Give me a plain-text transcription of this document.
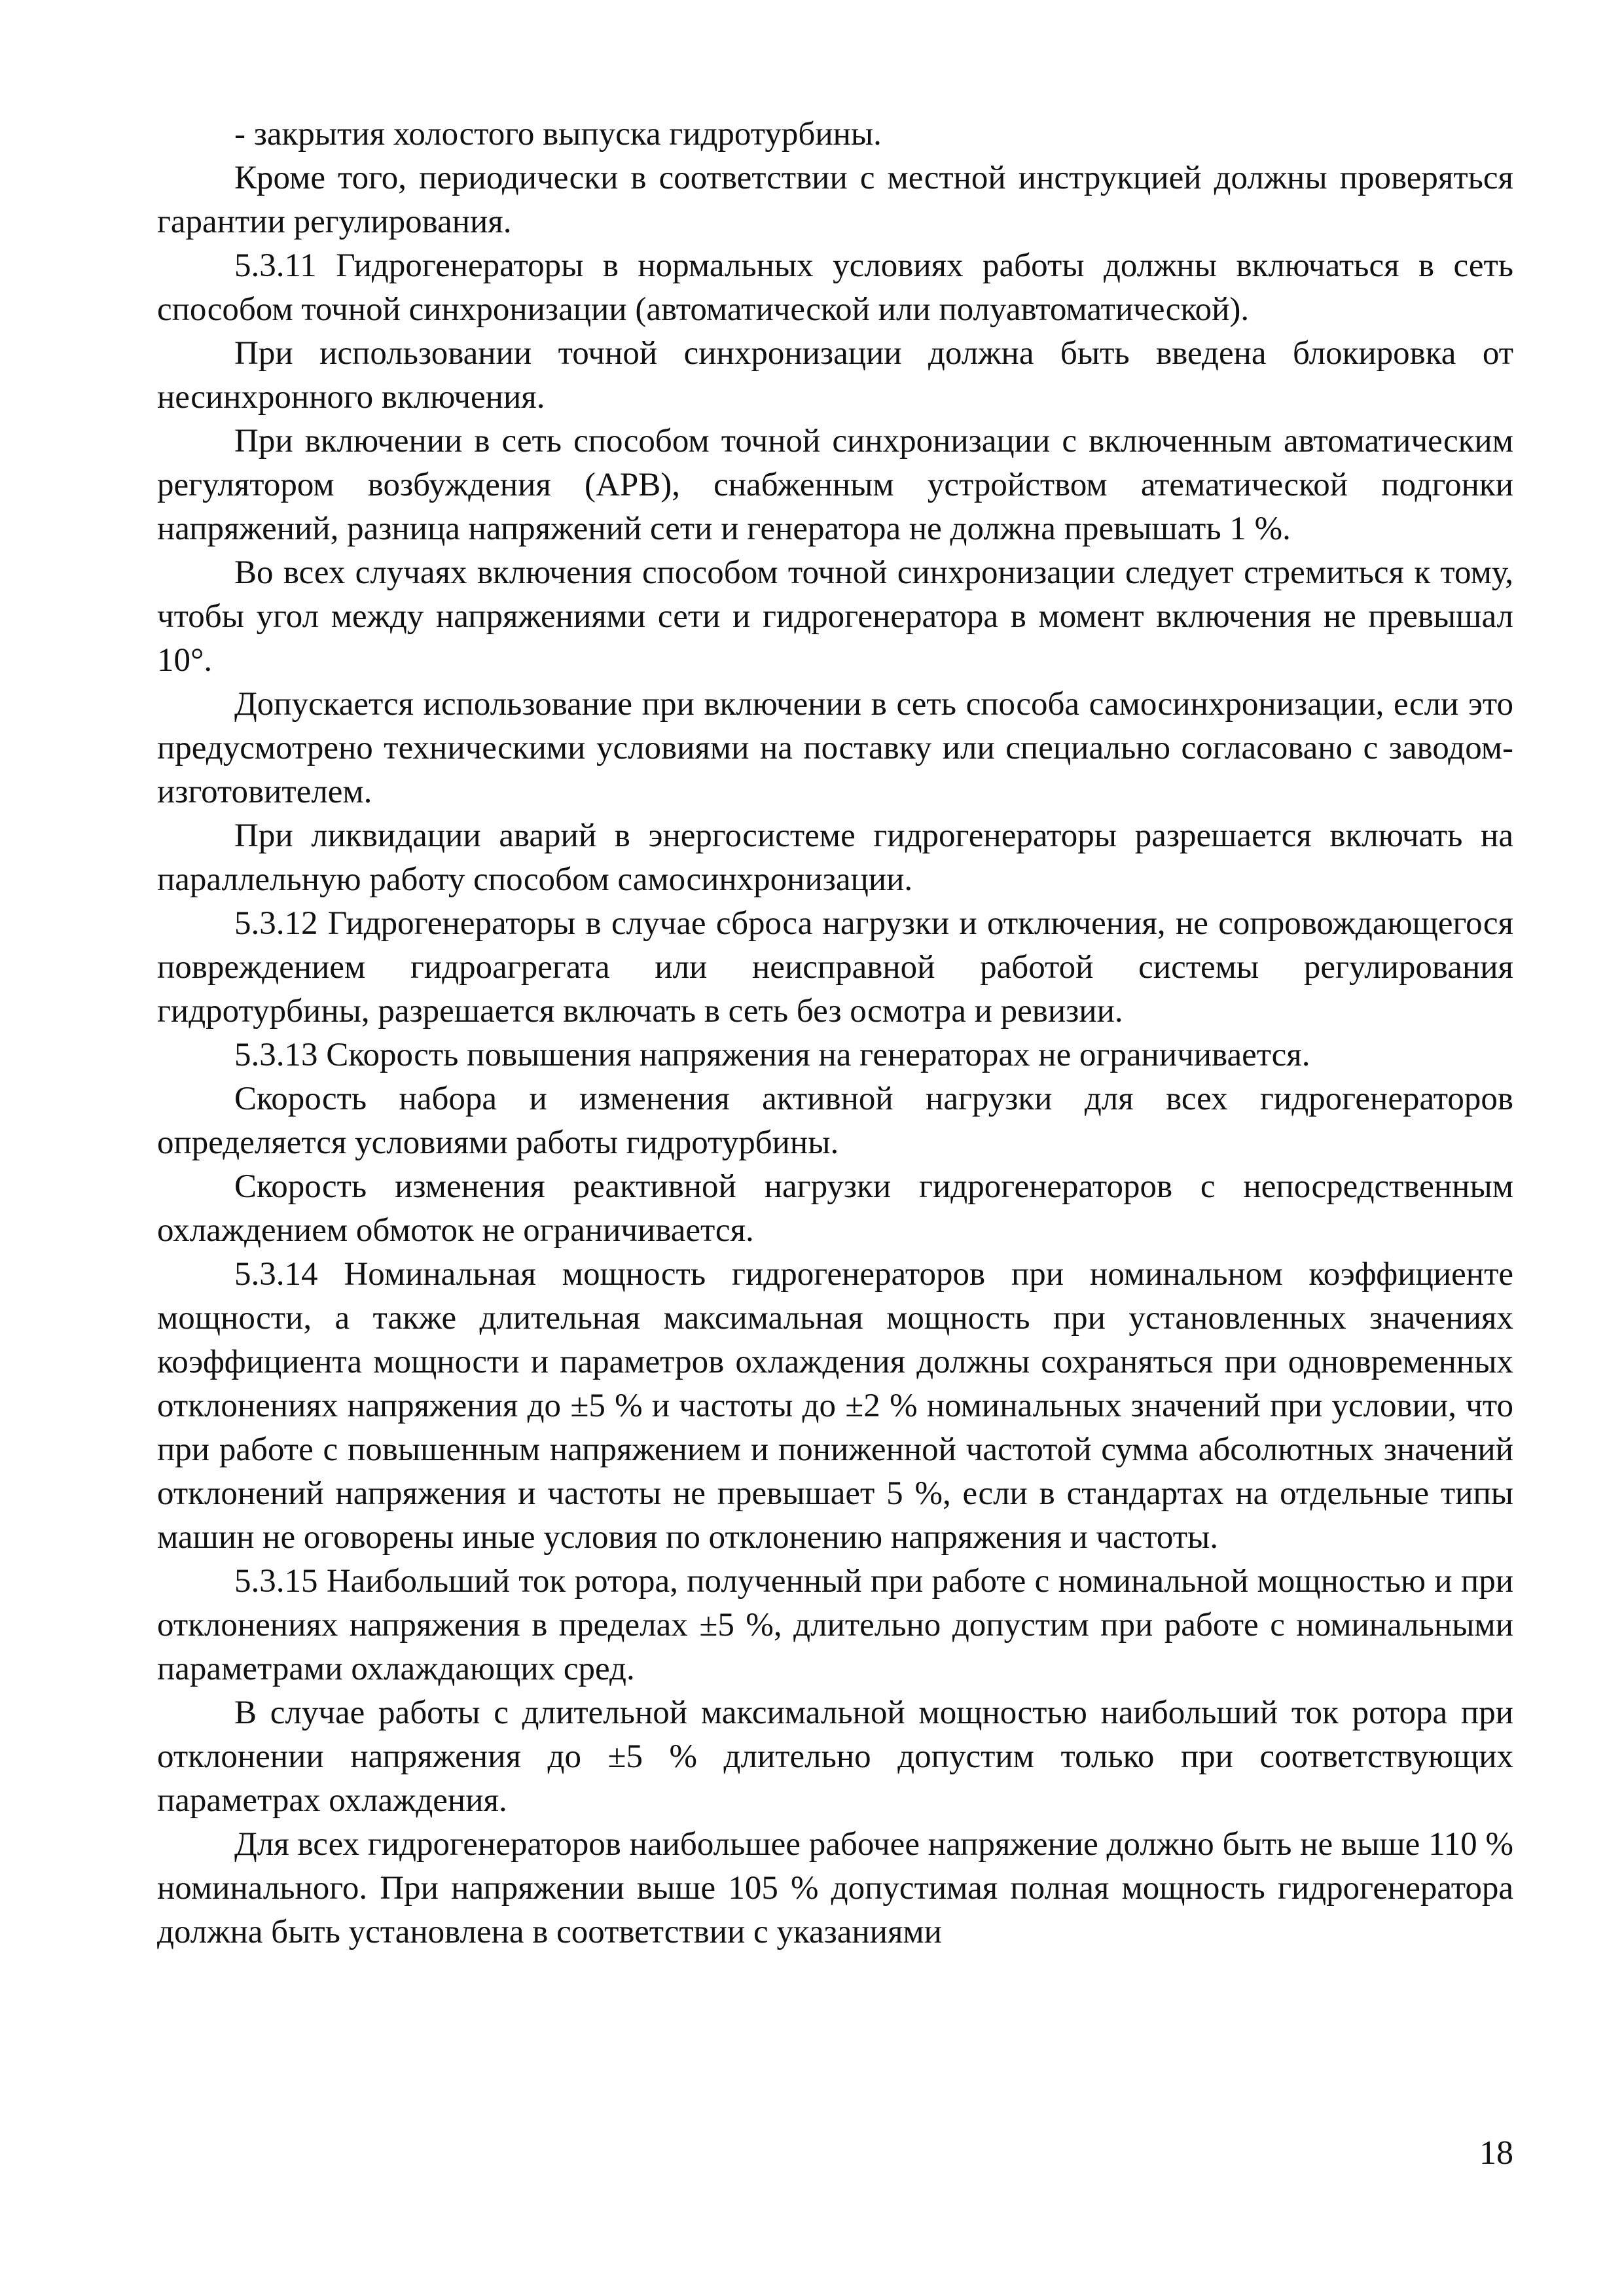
- закрытия холостого выпуска гидротурбины.

Кроме того, периодически в соответствии с местной инструкцией должны проверяться гарантии регулирования.

5.3.11 Гидрогенераторы в нормальных условиях работы должны включаться в сеть способом точной синхронизации (автоматической или полуавтоматической).

При использовании точной синхронизации должна быть введена блокировка от несинхронного включения.

При включении в сеть способом точной синхронизации с включенным автоматическим регулятором возбуждения (АРВ), снабженным устройством атематической подгонки напряжений, разница напряжений сети и генератора не должна превышать 1 %.

Во всех случаях включения способом точной синхронизации следует стремиться к тому, чтобы угол между напряжениями сети и гидрогенератора в момент включения не превышал 10°.

Допускается использование при включении в сеть способа самосинхронизации, если это предусмотрено техническими условиями на поставку или специально согласовано с заводом-изготовителем.

При ликвидации аварий в энергосистеме гидрогенераторы разрешается включать на параллельную работу способом самосинхронизации.

5.3.12 Гидрогенераторы в случае сброса нагрузки и отключения, не сопровождающегося повреждением гидроагрегата или неисправной работой системы регулирования гидротурбины, разрешается включать в сеть без осмотра и ревизии.

5.3.13 Скорость повышения напряжения на генераторах не ограничивается.

Скорость набора и изменения активной нагрузки для всех гидрогенераторов определяется условиями работы гидротурбины.

Скорость изменения реактивной нагрузки гидрогенераторов с непосредственным охлаждением обмоток не ограничивается.

5.3.14 Номинальная мощность гидрогенераторов при номинальном коэффициенте мощности, а также длительная максимальная мощность при установленных значениях коэффициента мощности и параметров охлаждения должны сохраняться при одновременных отклонениях напряжения до ±5 % и частоты до ±2 % номинальных значений при условии, что при работе с повышенным напряжением и пониженной частотой сумма абсолютных значений отклонений напряжения и частоты не превышает 5 %, если в стандартах на отдельные типы машин не оговорены иные условия по отклонению напряжения и частоты.

5.3.15 Наибольший ток ротора, полученный при работе с номинальной мощностью и при отклонениях напряжения в пределах ±5 %, длительно допустим при работе с номинальными параметрами охлаждающих сред.

В случае работы с длительной максимальной мощностью наибольший ток ротора при отклонении напряжения до ±5 % длительно допустим только при соответствующих параметрах охлаждения.

Для всех гидрогенераторов наибольшее рабочее напряжение должно быть не выше 110 % номинального. При напряжении выше 105 % допустимая полная мощность гидрогенератора должна быть установлена в соответствии с указаниями

18
